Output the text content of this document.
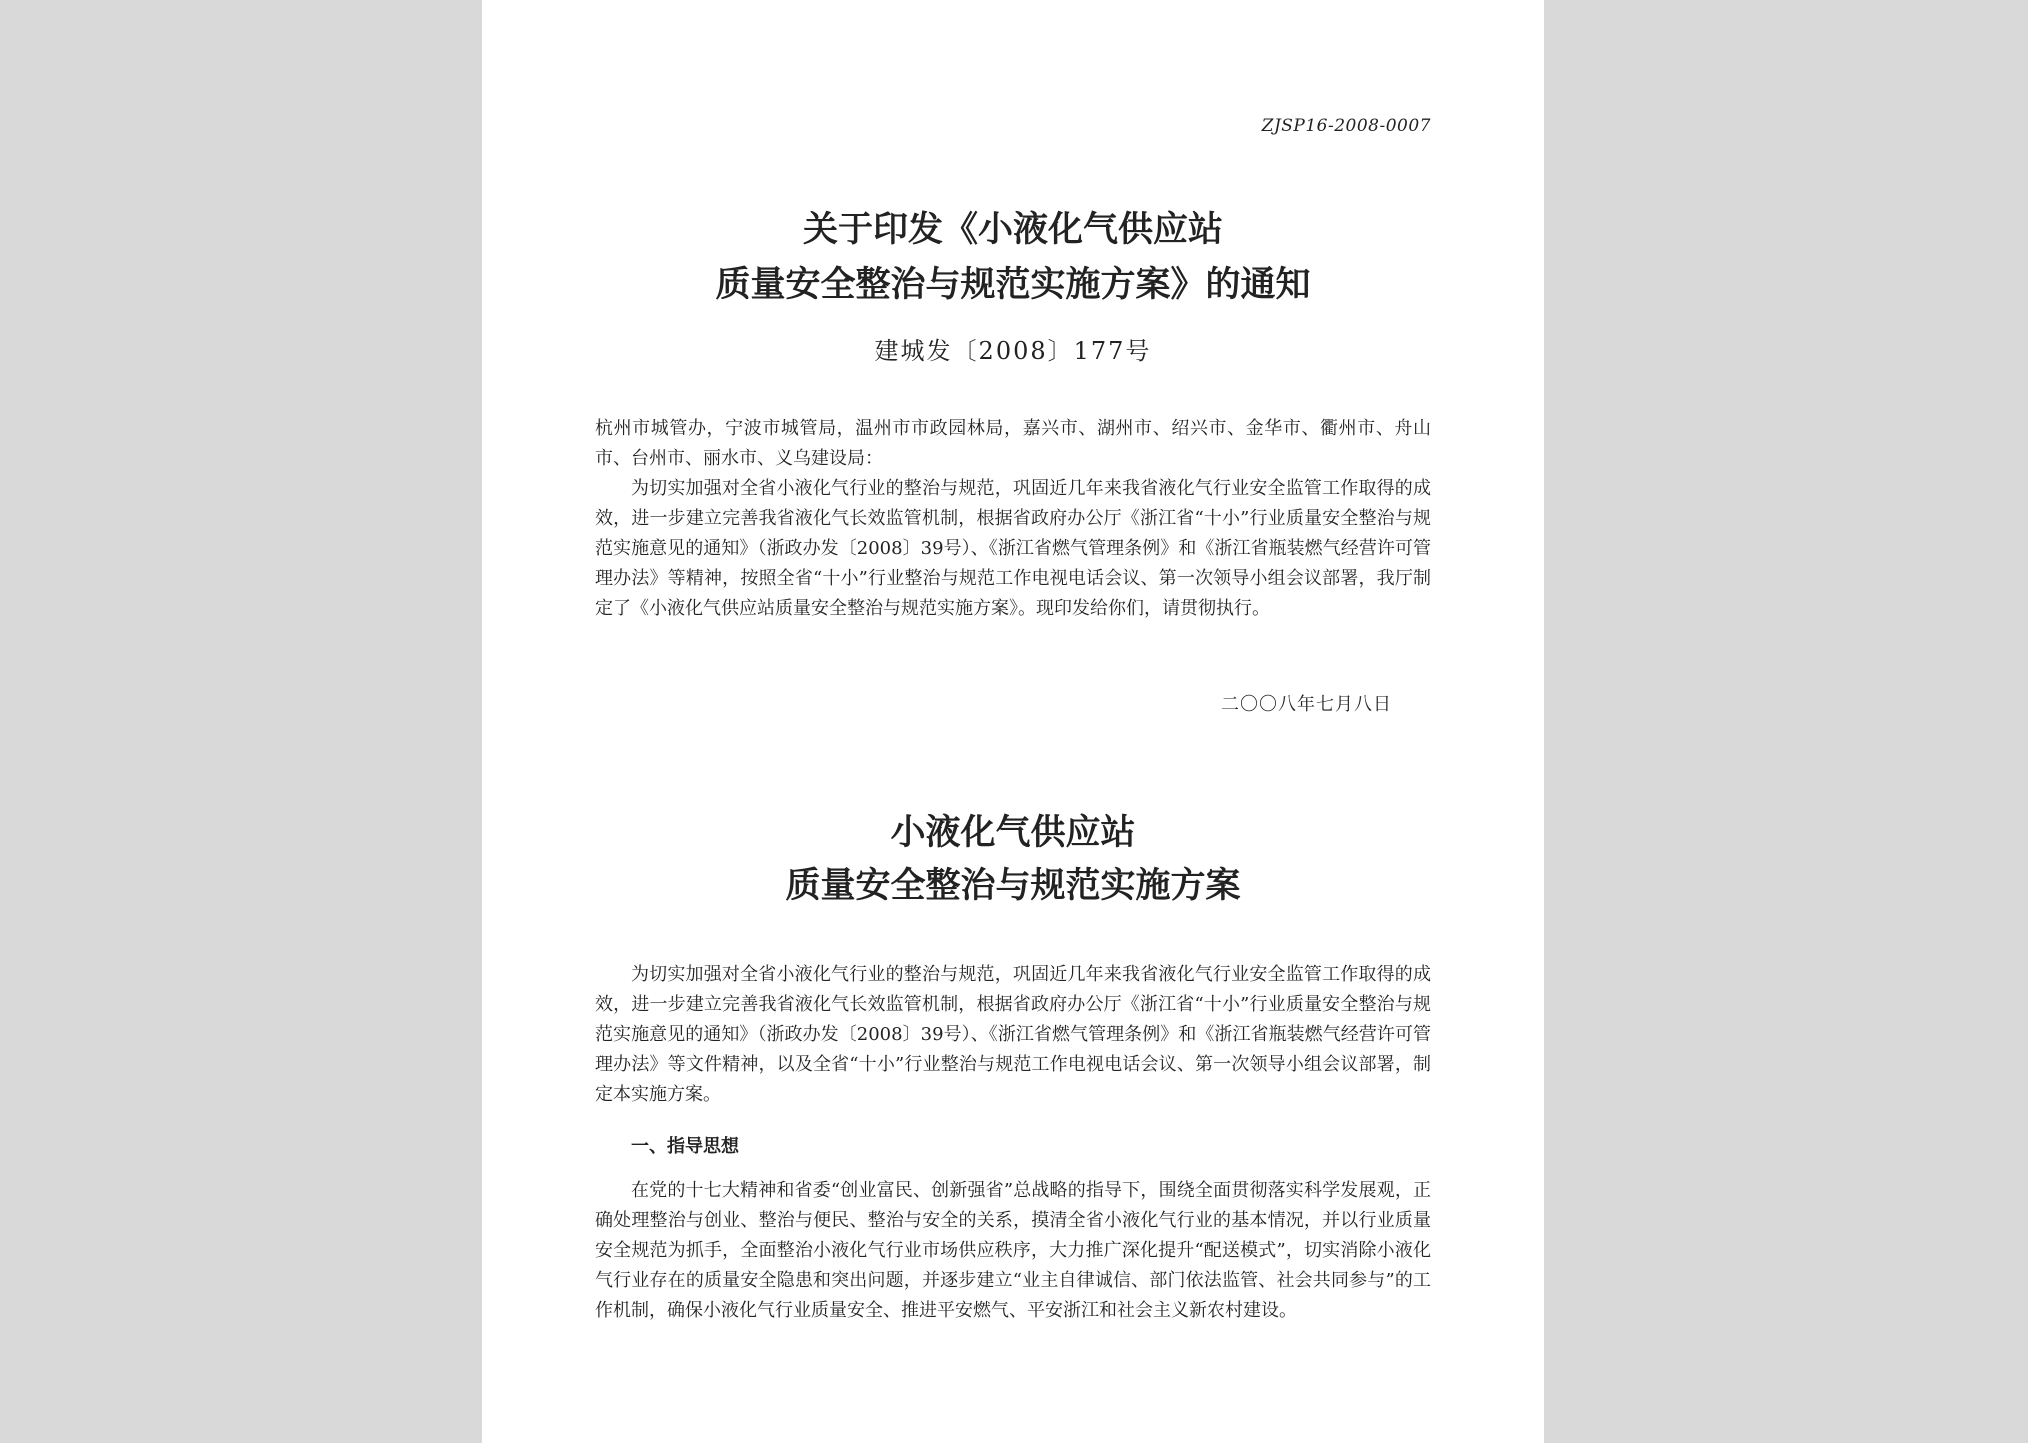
ZJSP16-2008-0007
关于印发《小液化气供应站
质量安全整治与规范实施方案》的通知
建城发〔2008〕177号

杭州市城管办，宁波市城管局，温州市市政园林局，嘉兴市、湖州市、绍兴市、金华市、衢州市、舟山市、台州市、丽水市、义乌建设局：

为切实加强对全省小液化气行业的整治与规范，巩固近几年来我省液化气行业安全监管工作取得的成效，进一步建立完善我省液化气长效监管机制，根据省政府办公厅《浙江省“十小”行业质量安全整治与规范实施意见的通知》（浙政办发〔2008〕39号）、《浙江省燃气管理条例》和《浙江省瓶装燃气经营许可管理办法》等精神，按照全省“十小”行业整治与规范工作电视电话会议、第一次领导小组会议部署，我厅制定了《小液化气供应站质量安全整治与规范实施方案》。现印发给你们，请贯彻执行。

二〇〇八年七月八日
小液化气供应站
质量安全整治与规范实施方案

为切实加强对全省小液化气行业的整治与规范，巩固近几年来我省液化气行业安全监管工作取得的成效，进一步建立完善我省液化气长效监管机制，根据省政府办公厅《浙江省“十小”行业质量安全整治与规范实施意见的通知》（浙政办发〔2008〕39号）、《浙江省燃气管理条例》和《浙江省瓶装燃气经营许可管理办法》等文件精神，以及全省“十小”行业整治与规范工作电视电话会议、第一次领导小组会议部署，制定本实施方案。

一、指导思想

在党的十七大精神和省委“创业富民、创新强省”总战略的指导下，围绕全面贯彻落实科学发展观，正确处理整治与创业、整治与便民、整治与安全的关系，摸清全省小液化气行业的基本情况，并以行业质量安全规范为抓手，全面整治小液化气行业市场供应秩序，大力推广深化提升“配送模式”，切实消除小液化气行业存在的质量安全隐患和突出问题，并逐步建立“业主自律诚信、部门依法监管、社会共同参与”的工作机制，确保小液化气行业质量安全、推进平安燃气、平安浙江和社会主义新农村建设。
